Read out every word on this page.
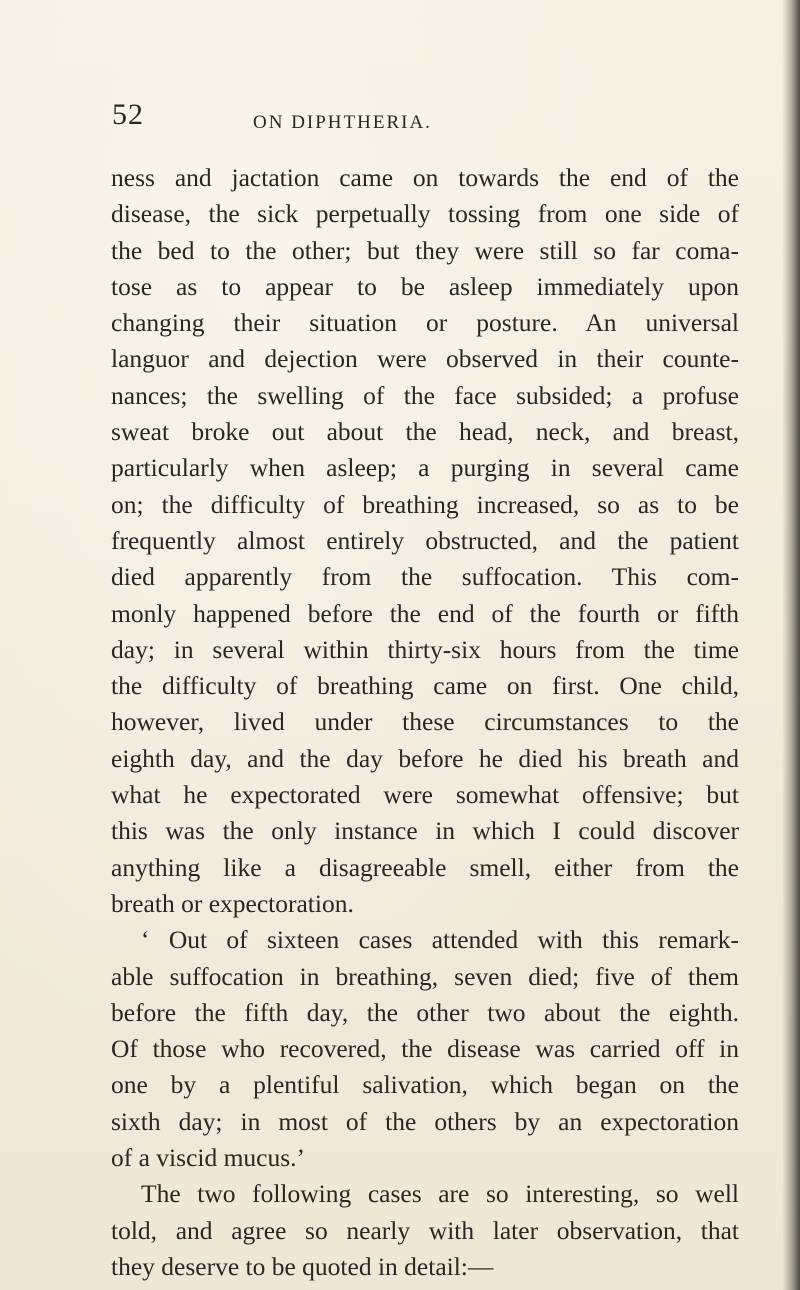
52	ON DIPHTHERIA.
ness and jactation came on towards the end of the
disease, the sick perpetually tossing from one side of
the bed to the other; but they were still so far coma-
tose as to appear to be asleep immediately upon
changing their situation or posture. An universal
languor and dejection were observed in their counte-
nances; the swelling of the face subsided; a profuse
sweat broke out about the head, neck, and breast,
particularly when asleep; a purging in several came
on; the difficulty of breathing increased, so as to be
frequently almost entirely obstructed, and the patient
died apparently from the suffocation. This com-
monly happened before the end of the fourth or fifth
day; in several within thirty-six hours from the time
the difficulty of breathing came on first. One child,
however, lived under these circumstances to the
eighth day, and the day before he died his breath and
what he expectorated were somewhat offensive; but
this was the only instance in which I could discover
anything like a disagreeable smell, either from the
breath or expectoration.
‘ Out of sixteen cases attended with this remark-
able suffocation in breathing, seven died; five of them
before the fifth day, the other two about the eighth.
Of those who recovered, the disease was carried off in
one by a plentiful salivation, which began on the
sixth day; in most of the others by an expectoration
of a viscid mucus.’
The two following cases are so interesting, so well
told, and agree so nearly with later observation, that
they deserve to be quoted in detail:—
